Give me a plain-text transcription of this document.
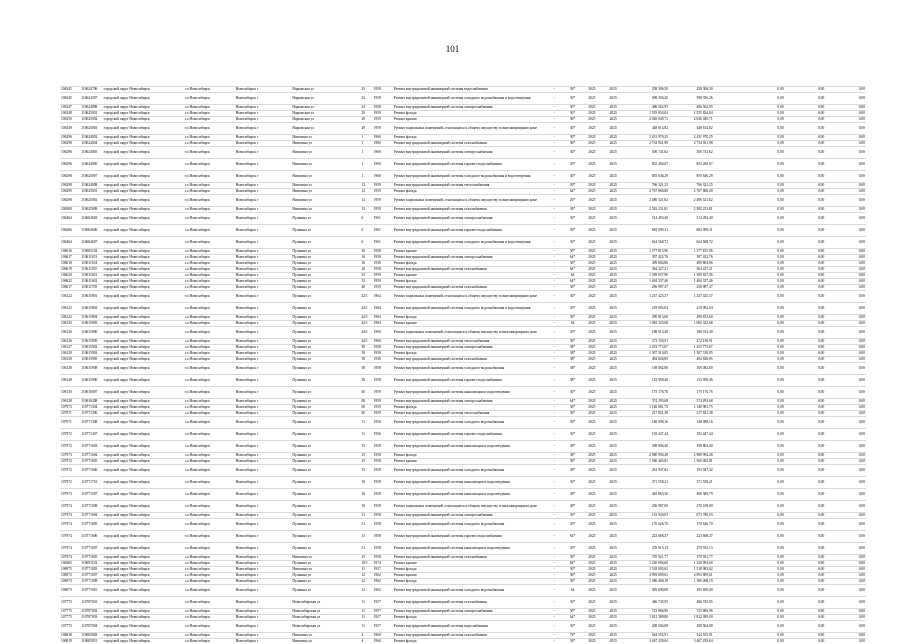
101
106345	110624706	городской округ Новосибирск	г.о.Новосибирск	Новосибирск г	Нарымская ул	23	1958	Ремонт внутридомовой инженерной системы водоснабжения	-	30*	2025	2025	258 306,50	258 306,50	0,00	0,00	0,00
106345	110624307	городской округ Новосибирск	г.о.Новосибирск	Новосибирск г	Нарымская ул	23	1958	Ремонт внутридомовой инженерной системы холодного водоснабжения и водоотведения	-	30*	2025	2025	598 356,26	598 356,26	0,00	0,00	0,00
106347	110624808	городской округ Новосибирск	г.о.Новосибирск	Новосибирск г	Нарымская ул	23	1958	Ремонт внутридомовой инженерной системы электроснабжения	-	30*	2025	2025	486 562,95	486 562,95	0,00	0,00	0,00
106348	110625001	городской округ Новосибирск	г.о.Новосибирск	Новосибирск г	Нарымская ул	29	1959	Ремонт фасада	-	30*	2025	2025	1 555 834,04	1 555 834,04	0,00	0,00	0,00
106350	110625002	городской округ Новосибирск	г.о.Новосибирск	Новосибирск г	Нарымская ул	29	1959	Ремонт крыши	-	30*	2025	2025	2 026 049,71	2 026 049,71	0,00	0,00	0,00
106349	110625003	городской округ Новосибирск	г.о.Новосибирск	Новосибирск г	Нарымская ул	29	1959	Ремонт подвальных помещений, относящихся к общему имуществу в многоквартирном доме	-	30*	2025	2025	448 614,82	448 614,82	0,00	0,00	0,00
106296	110624002	городской округ Новосибирск	г.о.Новосибирск	Новосибирск г	Никитина ул	1	1960	Ремонт фасада	-	30*	2025	2025	2 431 970,25	2 431 970,25	0,00	0,00	0,00
106298	110624004	городской округ Новосибирск	г.о.Новосибирск	Новосибирск г	Никитина ул	1	1960	Ремонт внутридомовой инженерной системы газоснабжения	-	30*	2025	2025	2 734 921,98	2 734 921,98	0,00	0,00	0,00
106296	110624005	городской округ Новосибирск	г.о.Новосибирск	Новосибирск г	Никитина ул	1	1960	Ремонт внутридомовой инженерной системы электроснабжения	-	30*	2025	2025	500 741,62	500 741,62	0,00	0,00	0,00
106296	110624006	городской округ Новосибирск	г.о.Новосибирск	Новосибирск г	Никитина ул	1	1960	Ремонт внутридомовой инженерной системы горячего водоснабжения	-	30*	2025	2025	852 260,67	852 260,67	0,00	0,00	0,00
106298	110625007	городской округ Новосибирск	г.о.Новосибирск	Новосибирск г	Никитина ул	1	1960	Ремонт внутридомовой инженерной системы холодного водоснабжения и водоотведения	-	30*	2025	2025	855 646,29	855 646,29	0,00	0,00	0,00
106298	110624008	городской округ Новосибирск	г.о.Новосибирск	Новосибирск г	Никитина ул	12	1959	Ремонт внутридомовой инженерной системы теплоснабжения	-	30*	2025	2025	766 321,25	766 321,25	0,00	0,00	0,00
106299	110625001	городской округ Новосибирск	г.о.Новосибирск	Новосибирск г	Никитина ул	12	1959	Ремонт фасада	-	64*	2025	2025	2 767 860,00	2 767 860,00	0,00	0,00	0,00
106298	110625002	городской округ Новосибирск	г.о.Новосибирск	Новосибирск г	Никитина ул	12	1959	Ремонт подвальных помещений, относящихся к общему имуществу в многоквартирном доме	-	26*	2025	2025	2 486 521,62	2 486 521,62	0,00	0,00	0,00
106300	110625009	городской округ Новосибирск	г.о.Новосибирск	Новосибирск г	Никитина ул	12	1959	Ремонт внутридомовой инженерной системы газоснабжения	-	30*	2025	2025	2 582 231,81	2 582 231,81	0,00	0,00	0,00
106464	110604603	городской округ Новосибирск	г.о.Новосибирск	Новосибирск г	Пушкина ул	6	1961	Ремонт внутридомовой инженерной системы электроснабжения	-	30*	2025	2025	514 493,40	514 493,40	0,00	0,00	0,00
106466	110604606	городской округ Новосибирск	г.о.Новосибирск	Новосибирск г	Пушкина ул	6	1961	Ремонт внутридомовой инженерной системы горячего водоснабжения	-	30*	2025	2025	682 099,31	682 099,31	0,00	0,00	0,00
106464	110604607	городской округ Новосибирск	г.о.Новосибирск	Новосибирск г	Пушкина ул	6	1961	Ремонт внутридомовой инженерной системы холодного водоснабжения и водоотведения	-	30*	2025	2025	624 568,72	624 568,72	0,00	0,00	0,00
106616	110605102	городской округ Новосибирск	г.о.Новосибирск	Новосибирск г	Пушкина ул	16	1958	Ремонт крыши	-	30*	2025	2025	1 377 815,96	1 377 815,96	0,00	0,00	0,00
106617	110611103	городской округ Новосибирск	г.о.Новосибирск	Новосибирск г	Пушкина ул	16	1958	Ремонт внутридомовой инженерной системы электроснабжения	-	64*	2025	2025	397 422,76	397 422,76	0,00	0,00	0,00
106618	110611104	городской округ Новосибирск	г.о.Новосибирск	Новосибирск г	Пушкина ул	16	1958	Ремонт фасада	-	30*	2025	2025	499 804,86	499 804,86	0,00	0,00	0,00
106619	110611105	городской округ Новосибирск	г.о.Новосибирск	Новосибирск г	Пушкина ул	16	1958	Ремонт внутридомовой инженерной системы газоснабжения	-	64*	2025	2025	364 227,21	364 227,21	0,00	0,00	0,00
106620	110611601	городской округ Новосибирск	г.о.Новосибирск	Новосибирск г	Пушкина ул	33	1959	Ремонт крыши	-	64	2025	2025	1 309 657,96	1 309 657,96	0,00	0,00	0,00
106622	110611602	городской округ Новосибирск	г.о.Новосибирск	Новосибирск г	Пушкина ул	33	1959	Ремонт фасада	-	64*	2025	2025	1 404 337,46	1 404 337,46	0,00	0,00	0,00
106617	110611705	городской округ Новосибирск	г.о.Новосибирск	Новосибирск г	Пушкина ул	40	1959	Ремонт внутридомовой инженерной системы газоснабжения	-	30*	2025	2025	256 987,47	256 987,47	0,00	0,00	0,00
106122	110615801	городской округ Новосибирск	г.о.Новосибирск	Новосибирск г	Пушкина ул	42/1	1964	Ремонт подвальных помещений, относящихся к общему имуществу в многоквартирном доме	-	30*	2025	2025	1 237 425,37	1 237 425,37	0,00	0,00	0,00
106123	110615802	городской округ Новосибирск	г.о.Новосибирск	Новосибирск г	Пушкина ул	42/1	1964	Ремонт внутридомовой инженерной системы холодного водоснабжения и водоотведения	-	30*	2025	2025	219 092,04	219 092,04	0,00	0,00	0,00
106122	110615804	городской округ Новосибирск	г.о.Новосибирск	Новосибирск г	Пушкина ул	42/1	1964	Ремонт фасада	-	30*	2025	2025	290 813,60	290 813,60	0,00	0,00	0,00
106125	110615805	городской округ Новосибирск	г.о.Новосибирск	Новосибирск г	Пушкина ул	42/1	1964	Ремонт крыши	-	64	2025	2025	1 082 325,68	1 082 325,68	0,00	0,00	0,00
106126	110615806	городской округ Новосибирск	г.о.Новосибирск	Новосибирск г	Пушкина ул	44/1	1960	Ремонт подвальных помещений, относящихся к общему имуществу в многоквартирном доме	-	30*	2025	2025	188 013,40	188 013,40	0,00	0,00	0,00
106126	110615809	городской округ Новосибирск	г.о.Новосибирск	Новосибирск г	Пушкина ул	44/1	1960	Ремонт внутридомовой инженерной системы теплоснабжения	-	30*	2025	2025	272 150,91	272 150,91	0,00	0,00	0,00
106127	110615902	городской округ Новосибирск	г.о.Новосибирск	Новосибирск г	Пушкина ул	58	1958	Ремонт внутридомовой инженерной системы электроснабжения	-	38*	2025	2025	1 453 773,67	1 453 773,67	0,00	0,00	0,00
106129	110615903	городской округ Новосибирск	г.о.Новосибирск	Новосибирск г	Пушкина ул	58	1958	Ремонт фасада	-	38*	2025	2025	1 307 310,05	1 307 310,05	0,00	0,00	0,00
106130	110615905	городской округ Новосибирск	г.о.Новосибирск	Новосибирск г	Пушкина ул	58	1958	Ремонт внутридомовой инженерной системы газоснабжения	-	38*	2025	2025	494 826,85	494 826,85	0,00	0,00	0,00
106128	110615908	городской округ Новосибирск	г.о.Новосибирск	Новосибирск г	Пушкина ул	58	1958	Ремонт внутридомовой инженерной системы холодного водоснабжения	-	38*	2025	2025	169 082,80	169 082,80	0,00	0,00	0,00
106128	110615906	городской округ Новосибирск	г.о.Новосибирск	Новосибирск г	Пушкина ул	58	1958	Ремонт внутридомовой инженерной системы горячего водоснабжения	-	38*	2025	2025	133 958,46	133 958,46	0,00	0,00	0,00
106130	110616007	городской округ Новосибирск	г.о.Новосибирск	Новосибирск г	Пушкина ул	60	1959	Ремонт внутридомовой инженерной системы канализации и водоотведения	-	30*	2025	2025	175 176,76	175 176,76	0,00	0,00	0,00
106128	110616208	городской округ Новосибирск	г.о.Новосибирск	Новосибирск г	Пушкина ул	60	1959	Ремонт внутридомовой инженерной системы электроснабжения	-	64*	2025	2025	374 293,68	374 293,68	0,00	0,00	0,00
107973	110771304	городской округ Новосибирск	г.о.Новосибирск	Новосибирск г	Пушкина ул	60	1959	Ремонт фасада	-	30*	2025	2025	1 140 981,75	1 140 981,75	0,00	0,00	0,00
107971	110771306	городской округ Новосибирск	г.о.Новосибирск	Новосибирск г	Пушкина ул	60	1959	Ремонт внутридомовой инженерной системы теплоснабжения	-	30*	2025	2025	217 821,38	217 821,38	0,00	0,00	0,00
107971	110771308	городской округ Новосибирск	г.о.Новосибирск	Новосибирск г	Пушкина ул	11	1956	Ремонт внутридомовой инженерной системы холодного водоснабжения	-	30*	2025	2025	148 098,16	148 098,16	0,00	0,00	0,00
107972	110771307	городской округ Новосибирск	г.о.Новосибирск	Новосибирск г	Пушкина ул	11	1956	Ремонт внутридомовой инженерной системы горячего водоснабжения	-	30*	2025	2025	192 447,44	192 447,44	0,00	0,00	0,00
107972	110771602	городской округ Новосибирск	г.о.Новосибирск	Новосибирск г	Пушкина ул	15	1958	Ремонт внутридомовой инженерной системы канализации и водоотведения	-	38*	2025	2025	398 804,40	398 804,40	0,00	0,00	0,00
107973	110771604	городской округ Новосибирск	г.о.Новосибирск	Новосибирск г	Пушкина ул	15	1958	Ремонт фасада	-	38*	2025	2025	2 980 994,28	2 980 994,28	0,00	0,00	0,00
107972	110771605	городской округ Новосибирск	г.о.Новосибирск	Новосибирск г	Пушкина ул	15	1958	Ремонт крыши	-	38*	2025	2025	1 560 465,81	1 560 465,81	0,00	0,00	0,00
107972	110771606	городской округ Новосибирск	г.о.Новосибирск	Новосибирск г	Пушкина ул	15	1958	Ремонт внутридомовой инженерной системы холодного водоснабжения	-	38*	2025	2025	261 947,82	193 947,42	0,00	0,00	0,00
107972	110771701	городской округ Новосибирск	г.о.Новосибирск	Новосибирск г	Пушкина ул	16	1958	Ремонт внутридомовой инженерной системы канализации и водоотведения	-	30*	2025	2025	371 558,21	371 558,21	0,00	0,00	0,00
107973	110771507	городской округ Новосибирск	г.о.Новосибирск	Новосибирск г	Пушкина ул	16	1958	Ремонт внутридомовой инженерной системы канализации и водоотведения	-	38*	2025	2025	465 863,36	408 389,79	0,00	0,00	0,00
107974	110771508	городской округ Новосибирск	г.о.Новосибирск	Новосибирск г	Пушкина ул	16	1958	Ремонт подвальных помещений, относящихся к общему имуществу в многоквартирном доме	-	38*	2025	2025	256 987,00	270 109,00	0,00	0,00	0,00
107974	110771604	городской округ Новосибирск	г.о.Новосибирск	Новосибирск г	Пушкина ул	31	1958	Ремонт внутридомовой инженерной системы электроснабжения	-	30*	2025	2025	133 930,03	673 780,03	0,00	0,00	0,00
107974	110771605	городской округ Новосибирск	г.о.Новосибирск	Новосибирск г	Пушкина ул	31	1958	Ремонт внутридомовой инженерной системы холодного водоснабжения	-	30*	2025	2025	170 626,70	170 626,70	0,00	0,00	0,00
107974	110771606	городской округ Новосибирск	г.о.Новосибирск	Новосибирск г	Пушкина ул	31	1958	Ремонт внутридомовой инженерной системы горячего водоснабжения	-	64*	2025	2025	223 668,47	223 668,47	0,00	0,00	0,00
107974	110771607	городской округ Новосибирск	г.о.Новосибирск	Новосибирск г	Пушкина ул	31	1958	Ремонт внутридомовой инженерной системы канализации и водоотведения	-	30*	2025	2025	270 915,13	270 915,13	0,00	0,00	0,00
107974	110771605	городской округ Новосибирск	г.о.Новосибирск	Новосибирск г	Никитина ул	15	1958	Ремонт внутридомовой инженерной системы газоснабжения	-	30*	2025	2025	370 921,77	370 921,77	0,00	0,00	0,00
106465	110691102	городской округ Новосибирск	г.о.Новосибирск	Новосибирск г	Пушкина ул	10/1	1974	Ремонт крыши	-	64*	2025	2025	1 220 094,60	1 220 094,60	0,00	0,00	0,00
106975	110771003	городской округ Новосибирск	г.о.Новосибирск	Новосибирск г	Никитина ул	11	1957	Ремонт фасада	-	30*	2025	2025	1 518 983,62	1 518 983,62	0,00	0,00	0,00
106973	110771007	городской округ Новосибирск	г.о.Новосибирск	Новосибирск г	Пушкина ул	12	1962	Ремонт крыши	-	30*	2025	2025	4 993 809,61	4 993 809,61	0,00	0,00	0,00
106973	110771008	городской округ Новосибирск	г.о.Новосибирск	Новосибирск г	Пушкина ул	12	1962	Ремонт фасада	-	30*	2025	2025	1 386 468,19	1 386 468,19	0,00	0,00	0,00
106973	110771010	городской округ Новосибирск	г.о.Новосибирск	Новосибирск г	Пушкина ул	12	1962	Ремонт внутридомовой инженерной системы холодного водоснабжения	-	64	2025	2025	305 690,00	305 690,00	0,00	0,00	0,00
107775	110787001	городской округ Новосибирск	г.о.Новосибирск	Новосибирск г	Новосибирская ул	11	1957	Ремонт внутридомовой инженерной системы газоснабжения	-	30*	2025	2025	466 745,95	486 745,95	0,00	0,00	0,00
107775	110787002	городской округ Новосибирск	г.о.Новосибирск	Новосибирск г	Новосибирская ул	11	1957	Ремонт внутридомовой инженерной системы электроснабжения	-	30*	2025	2025	723 866,96	723 866,96	0,00	0,00	0,00
107775	110787003	городской округ Новосибирск	г.о.Новосибирск	Новосибирск г	Новосибирская ул	11	1957	Ремонт фасада	-	64*	2025	2025	1 812 389,00	1 812 389,00	0,00	0,00	0,00
107775	110787004	городской округ Новосибирск	г.о.Новосибирск	Новосибирск г	Новосибирская ул	11	1957	Ремонт внутридомовой инженерной системы водоснабжения	-	30*	2025	2025	208 504,08	208 504,08	0,00	0,00	0,00
106818	110605828	городской округ Новосибирск	г.о.Новосибирск	Новосибирск г	Никитина ул	4	1960	Ремонт внутридомовой инженерной системы газоснабжения	-	76*	2025	2025	544 555,91	544 555,91	0,00	0,00	0,00
106819	110605831	городской округ Новосибирск	г.о.Новосибирск	Новосибирск г	Никитина ул	4	1960	Ремонт фасада	-	30*	2025	2025	3 467 239,64	3 467 239,64	0,00	0,00	0,00
